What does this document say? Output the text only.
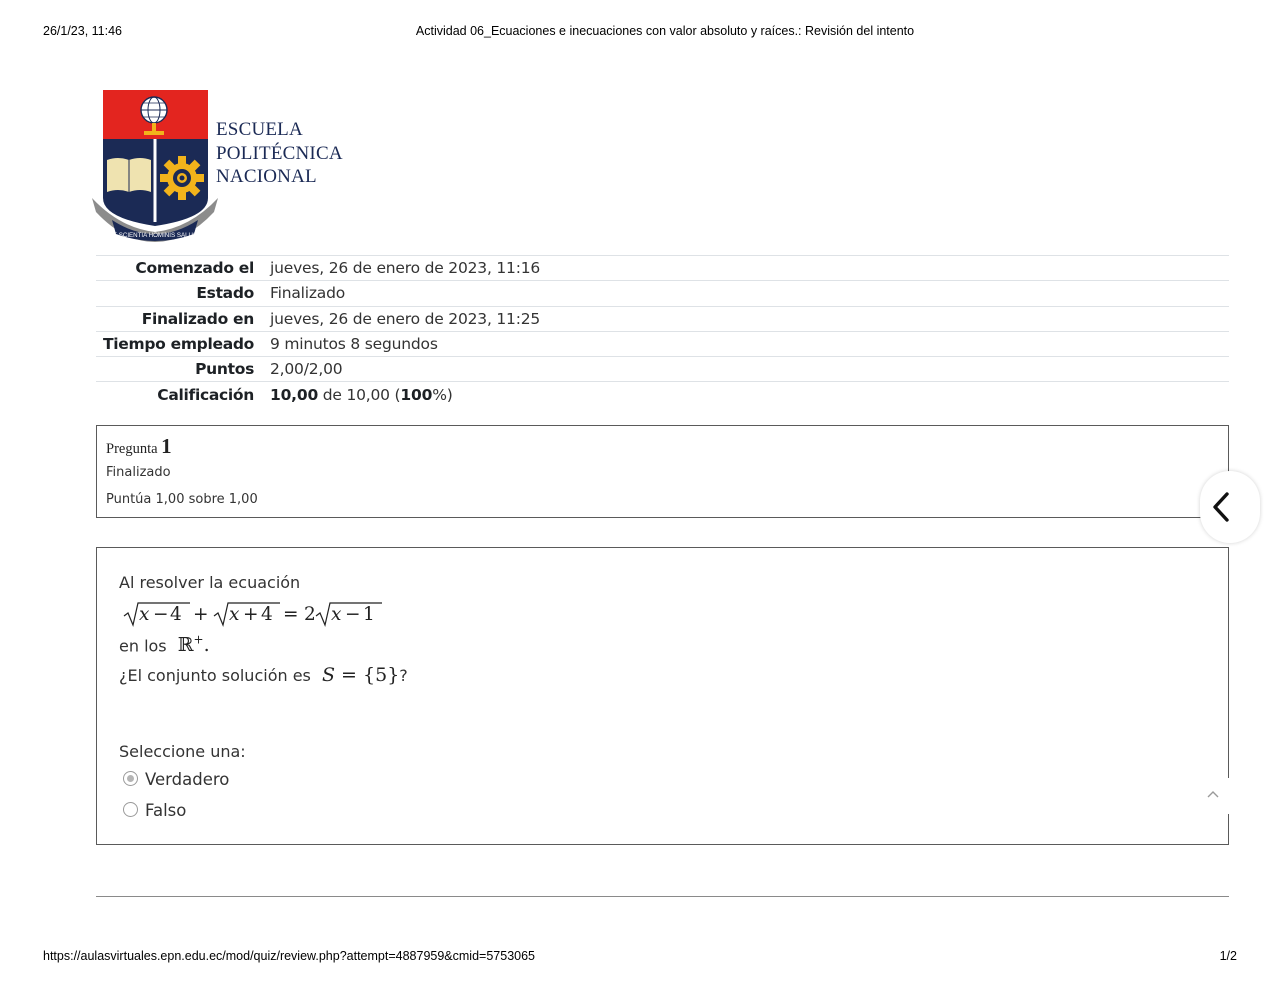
26/1/23, 11:46	Actividad 06_Ecuaciones e inecuaciones con valor absoluto y raíces.: Revisión del intento
E SCIENTIA HOMINIS SALUS
ESCUELA
POLITÉCNICA
NACIONAL
Comenzado el	jueves, 26 de enero de 2023, 11:16
Estado	Finalizado
Finalizado en	jueves, 26 de enero de 2023, 11:25
Tiempo empleado	9 minutos 8 segundos
Puntos	2,00/2,00
Calificación	10,00 de 10,00 (100%)
Pregunta 1
Finalizado
Puntúa 1,00 sobre 1,00
Al resolver la ecuación
x − 4 + x + 4 = 2 x − 1
en los ℝ+.
¿El conjunto solución es S = {5}?
Seleccione una:
Verdadero
Falso
https://aulasvirtuales.epn.edu.ec/mod/quiz/review.php?attempt=4887959&cmid=5753065	1/2
